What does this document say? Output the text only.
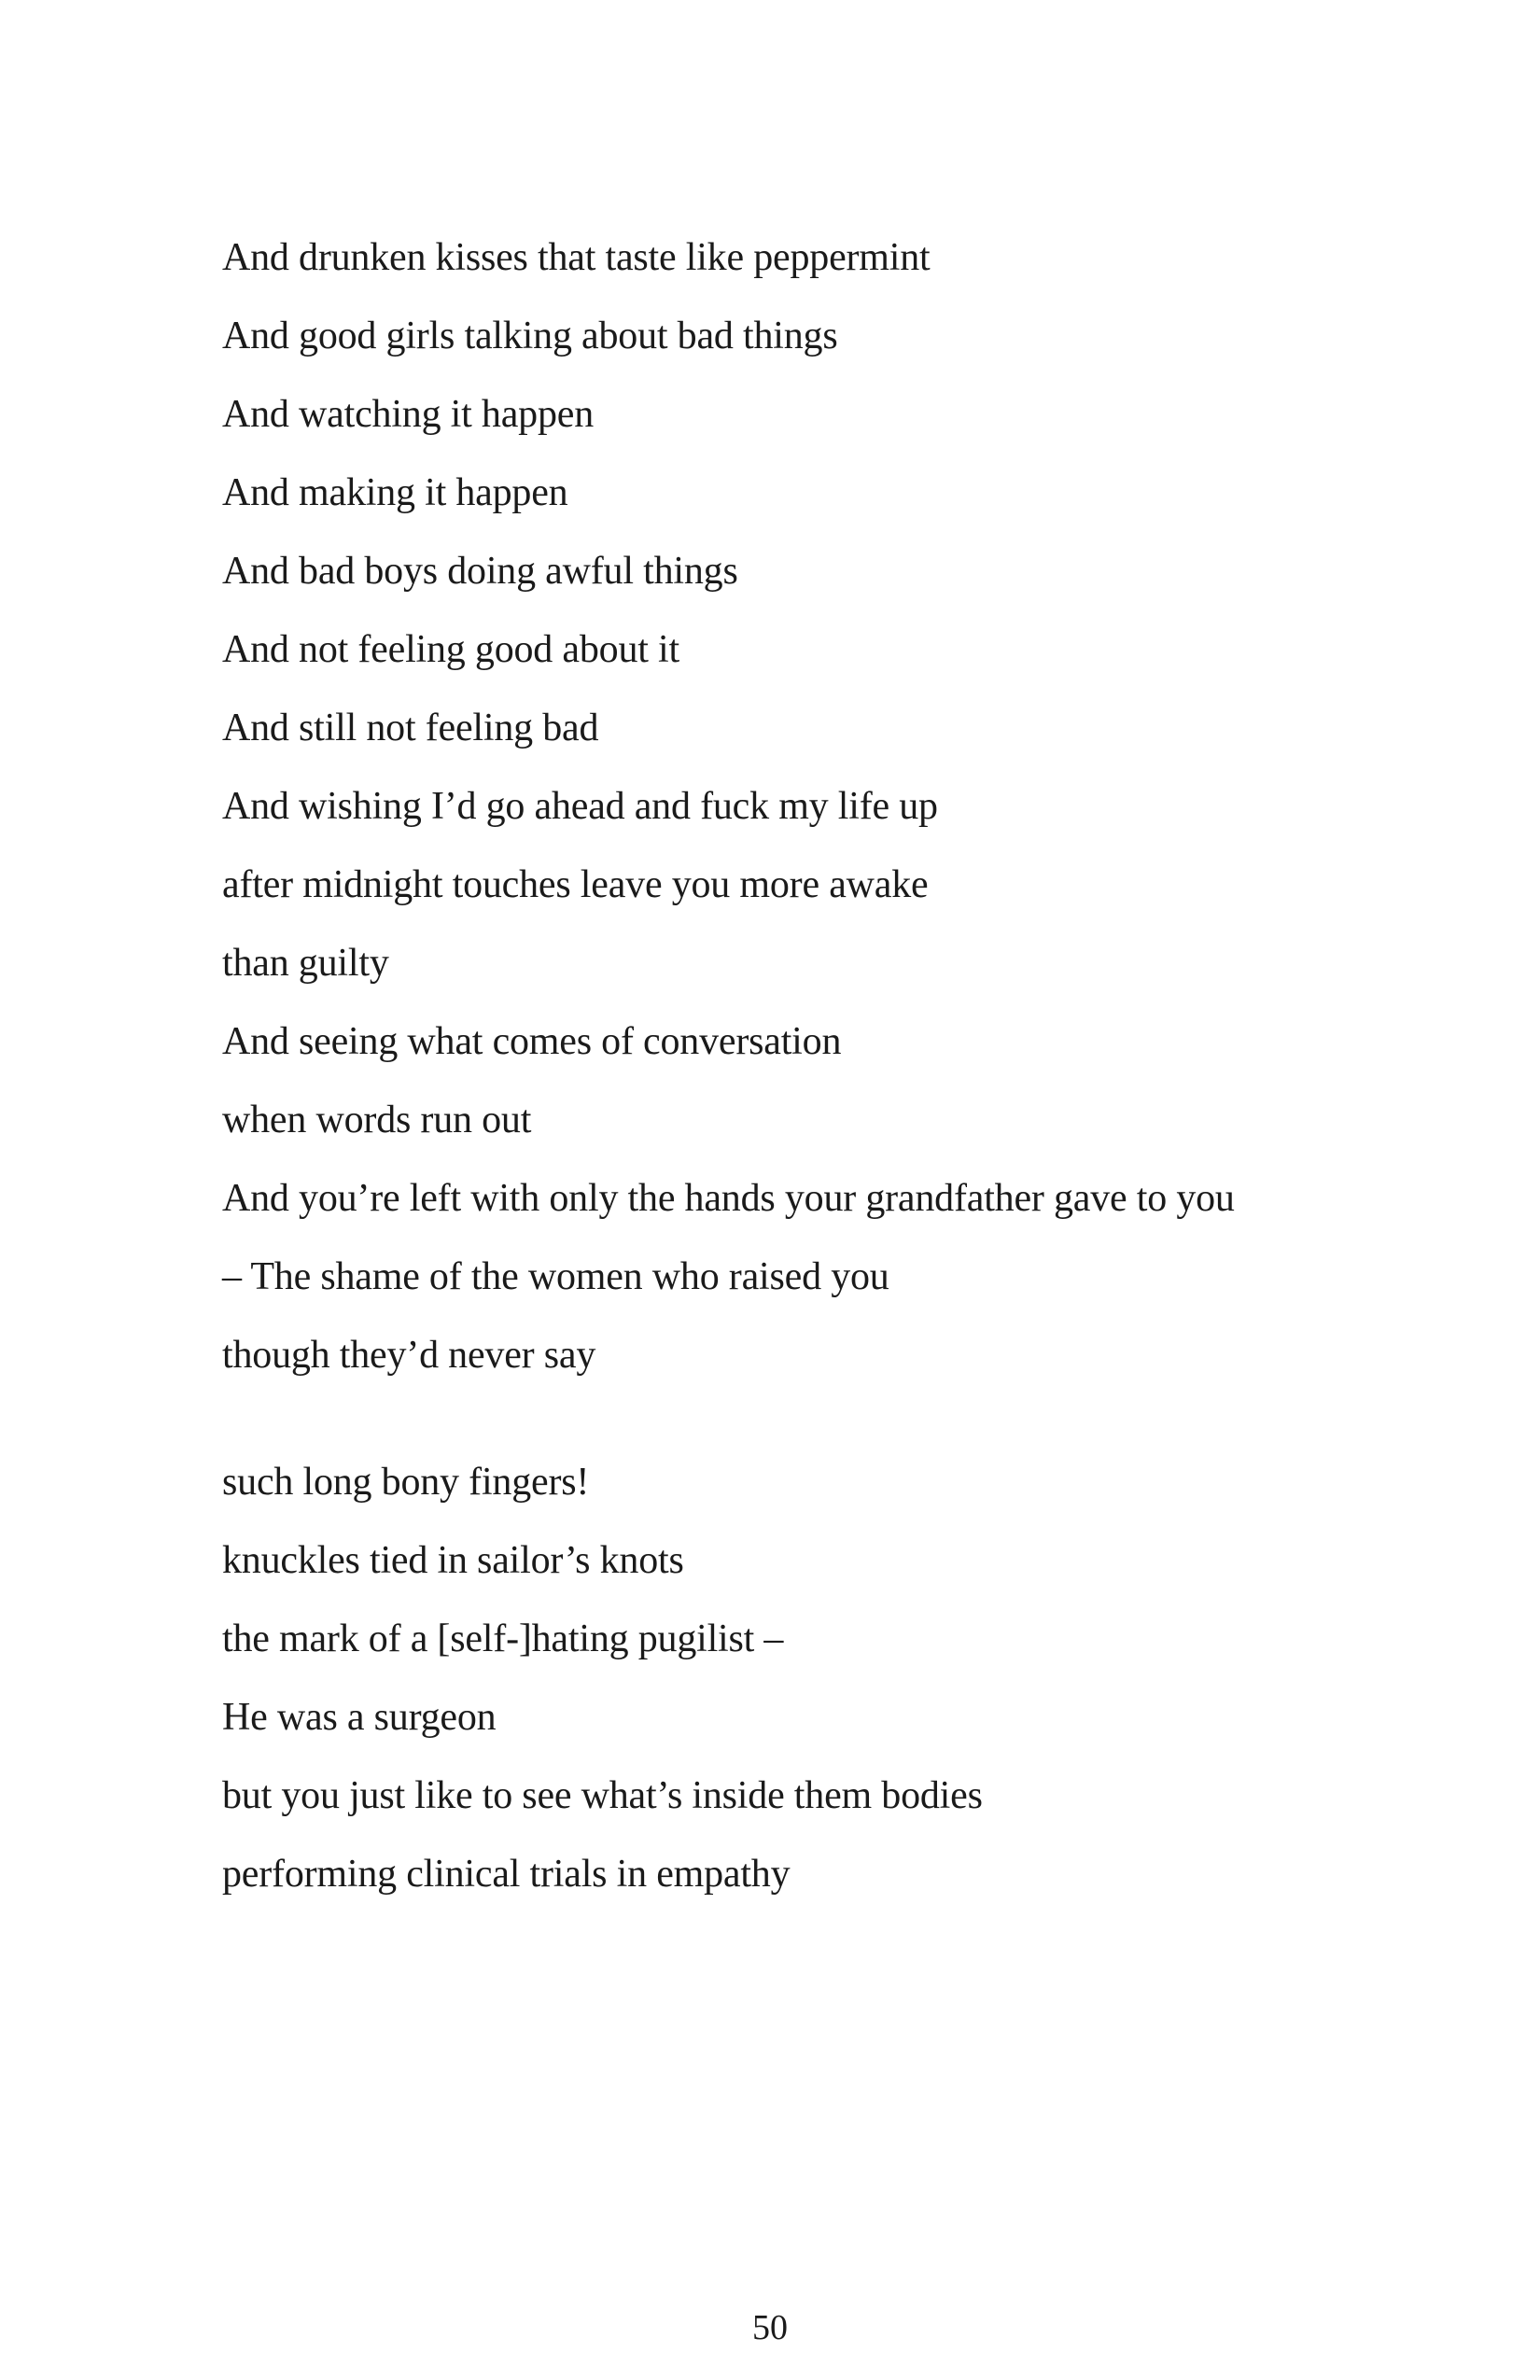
And drunken kisses that taste like peppermint
And good girls talking about bad things
And watching it happen
And making it happen
And bad boys doing awful things
And not feeling good about it
And still not feeling bad
And wishing I’d go ahead and fuck my life up
after midnight touches leave you more awake
than guilty
And seeing what comes of conversation
when words run out
And you’re left with only the hands your grandfather gave to you
– The shame of the women who raised you
though they’d never say
such long bony fingers!
knuckles tied in sailor’s knots
the mark of a [self-]hating pugilist –
He was a surgeon
but you just like to see what’s inside them bodies
performing clinical trials in empathy
50
